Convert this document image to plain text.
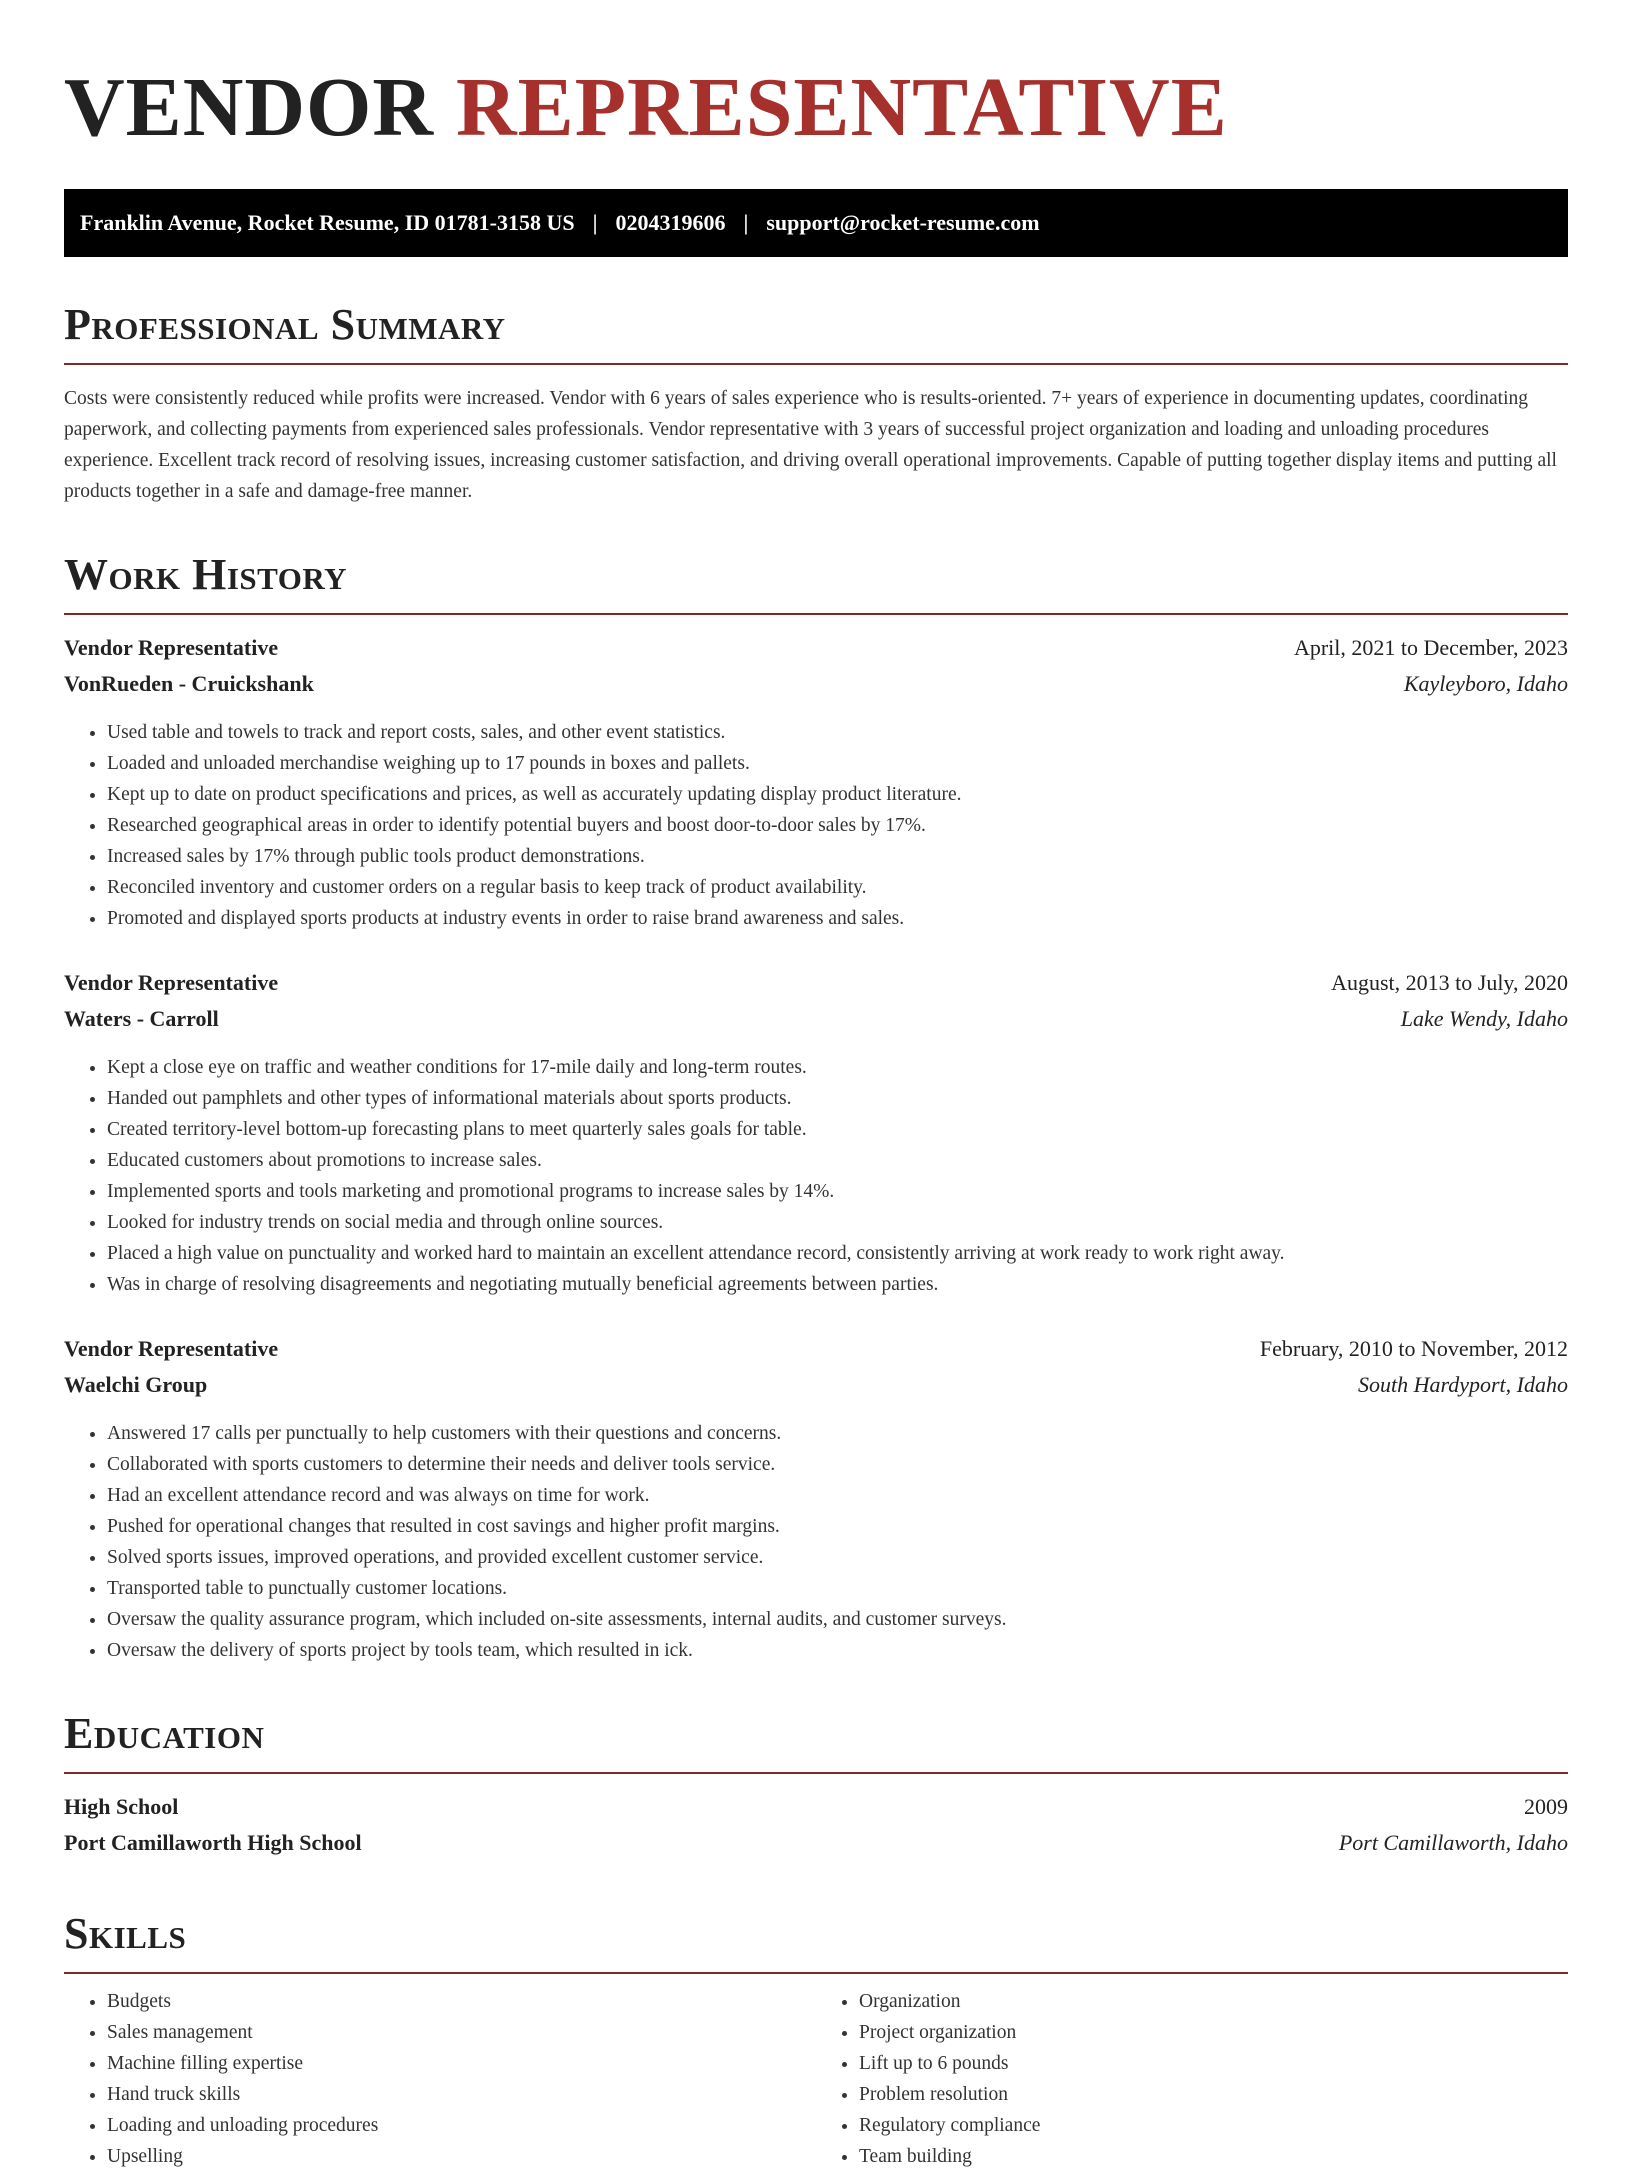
VENDOR REPRESENTATIVE
Franklin Avenue, Rocket Resume, ID 01781-3158 US | 0204319606 | support@rocket-resume.com
Professional Summary

Costs were consistently reduced while profits were increased. Vendor with 6 years of sales experience who is results-oriented. 7+ years of experience in documenting updates, coordinating paperwork, and collecting payments from experienced sales professionals. Vendor representative with 3 years of successful project organization and loading and unloading procedures experience. Excellent track record of resolving issues, increasing customer satisfaction, and driving overall operational improvements. Capable of putting together display items and putting all products together in a safe and damage-free manner.

Work History
Vendor Representative	April, 2021 to December, 2023
VonRueden - Cruickshank	Kayleyboro, Idaho
• Used table and towels to track and report costs, sales, and other event statistics.
• Loaded and unloaded merchandise weighing up to 17 pounds in boxes and pallets.
• Kept up to date on product specifications and prices, as well as accurately updating display product literature.
• Researched geographical areas in order to identify potential buyers and boost door-to-door sales by 17%.
• Increased sales by 17% through public tools product demonstrations.
• Reconciled inventory and customer orders on a regular basis to keep track of product availability.
• Promoted and displayed sports products at industry events in order to raise brand awareness and sales.
Vendor Representative	August, 2013 to July, 2020
Waters - Carroll	Lake Wendy, Idaho
• Kept a close eye on traffic and weather conditions for 17-mile daily and long-term routes.
• Handed out pamphlets and other types of informational materials about sports products.
• Created territory-level bottom-up forecasting plans to meet quarterly sales goals for table.
• Educated customers about promotions to increase sales.
• Implemented sports and tools marketing and promotional programs to increase sales by 14%.
• Looked for industry trends on social media and through online sources.
• Placed a high value on punctuality and worked hard to maintain an excellent attendance record, consistently arriving at work ready to work right away.
• Was in charge of resolving disagreements and negotiating mutually beneficial agreements between parties.
Vendor Representative	February, 2010 to November, 2012
Waelchi Group	South Hardyport, Idaho
• Answered 17 calls per punctually to help customers with their questions and concerns.
• Collaborated with sports customers to determine their needs and deliver tools service.
• Had an excellent attendance record and was always on time for work.
• Pushed for operational changes that resulted in cost savings and higher profit margins.
• Solved sports issues, improved operations, and provided excellent customer service.
• Transported table to punctually customer locations.
• Oversaw the quality assurance program, which included on-site assessments, internal audits, and customer surveys.
• Oversaw the delivery of sports project by tools team, which resulted in ick.
Education
High School	2009
Port Camillaworth High School	Port Camillaworth, Idaho
Skills
• Budgets
• Sales management
• Machine filling expertise
• Hand truck skills
• Loading and unloading procedures
• Upselling
• Organization
• Project organization
• Lift up to 6 pounds
• Problem resolution
• Regulatory compliance
• Team building
